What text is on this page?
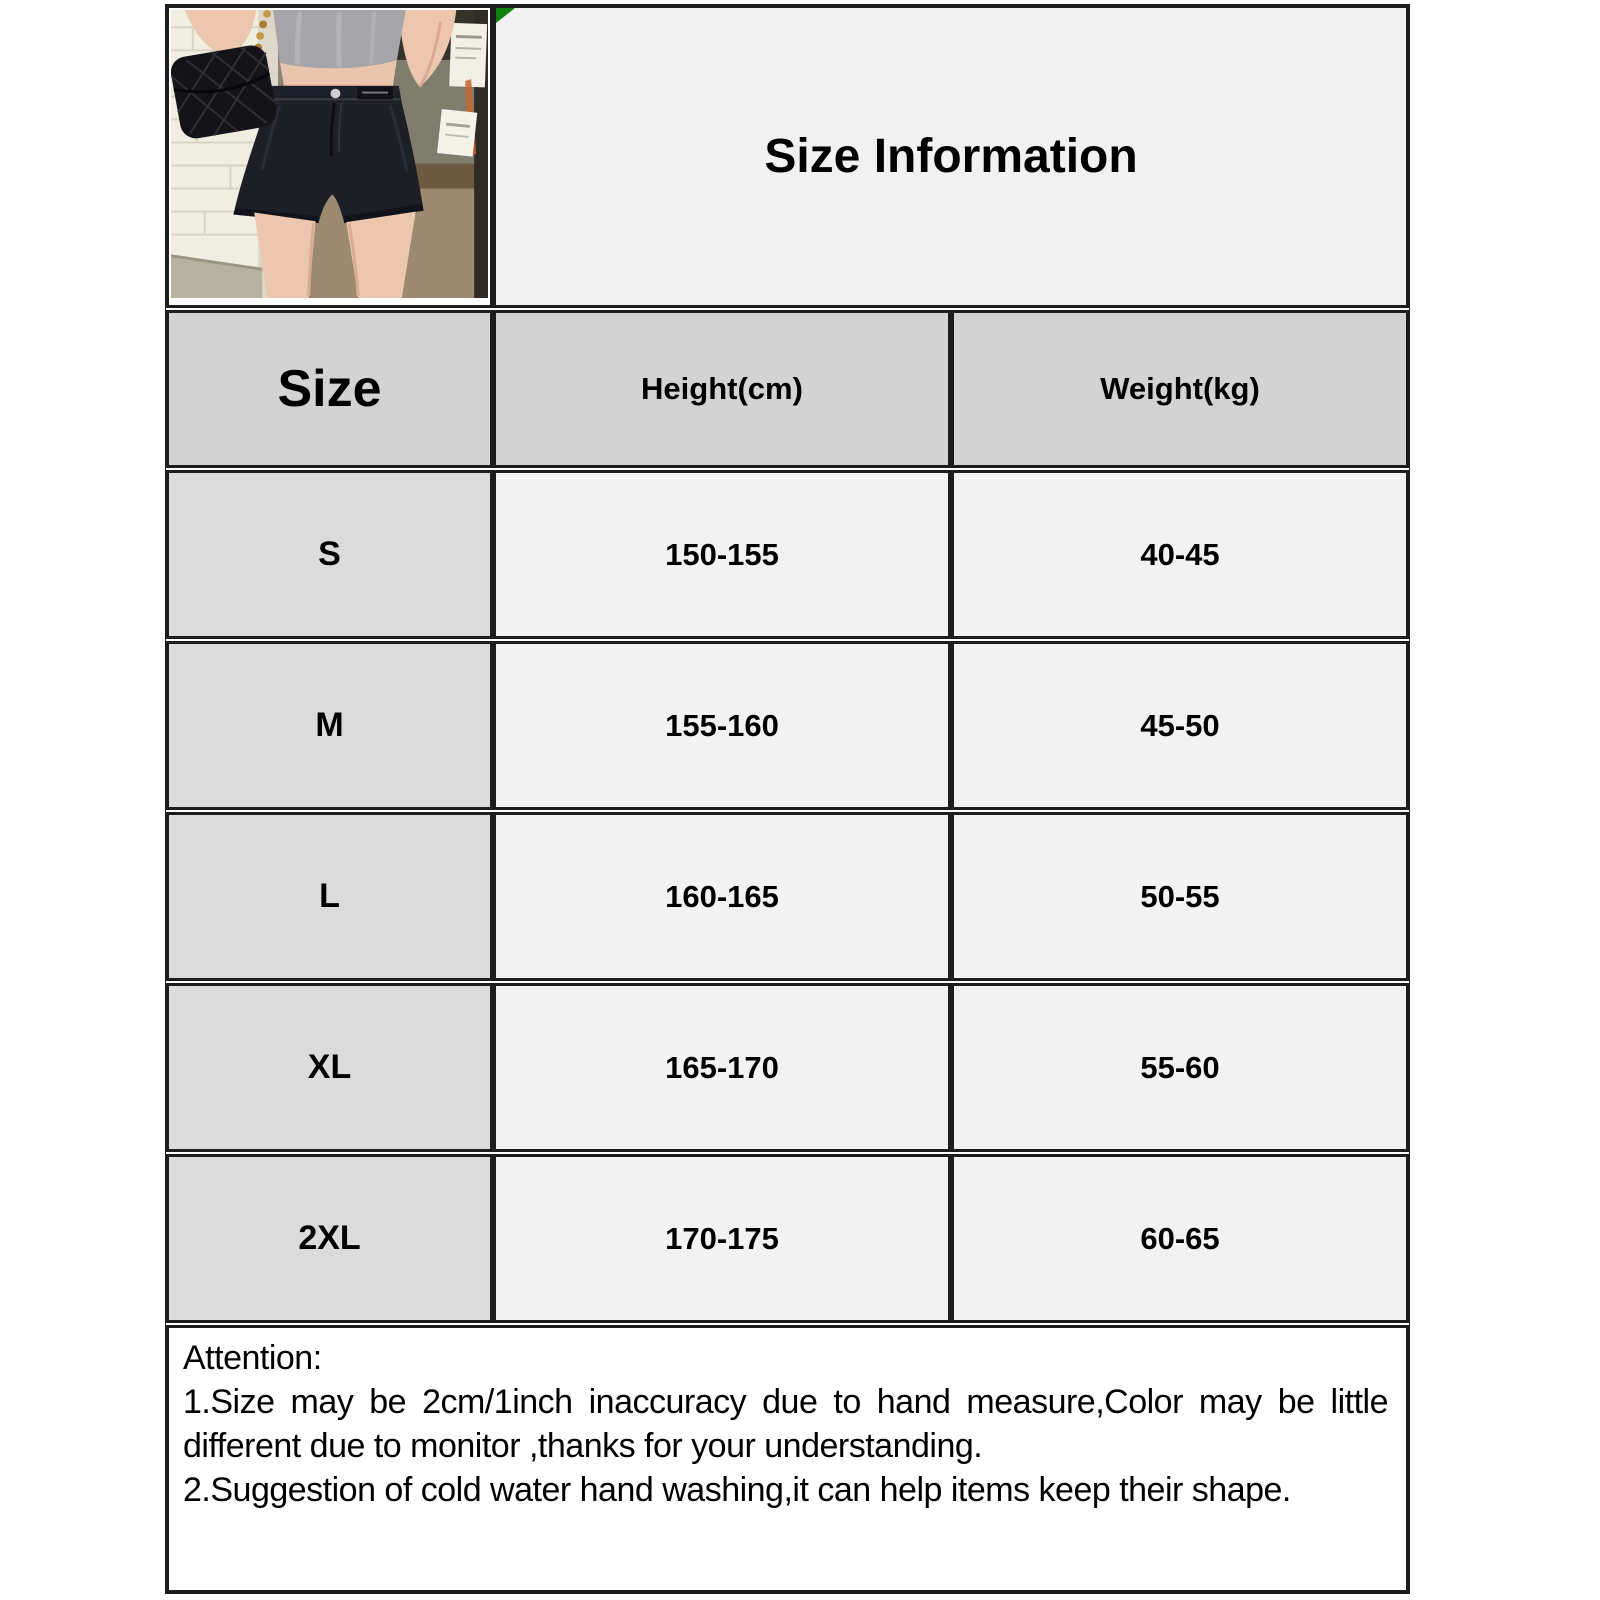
Size Information
Size	Height(cm)	Weight(kg)
S	150-155	40-45
M	155-160	45-50
L	160-165	50-55
XL	165-170	55-60
2XL	170-175	60-65
Attention:

1.Size may be 2cm/1inch inaccuracy due to hand measure,Color may be little different due to monitor ,thanks for your understanding.

2.Suggestion of cold water hand washing,it can help items keep their shape.
